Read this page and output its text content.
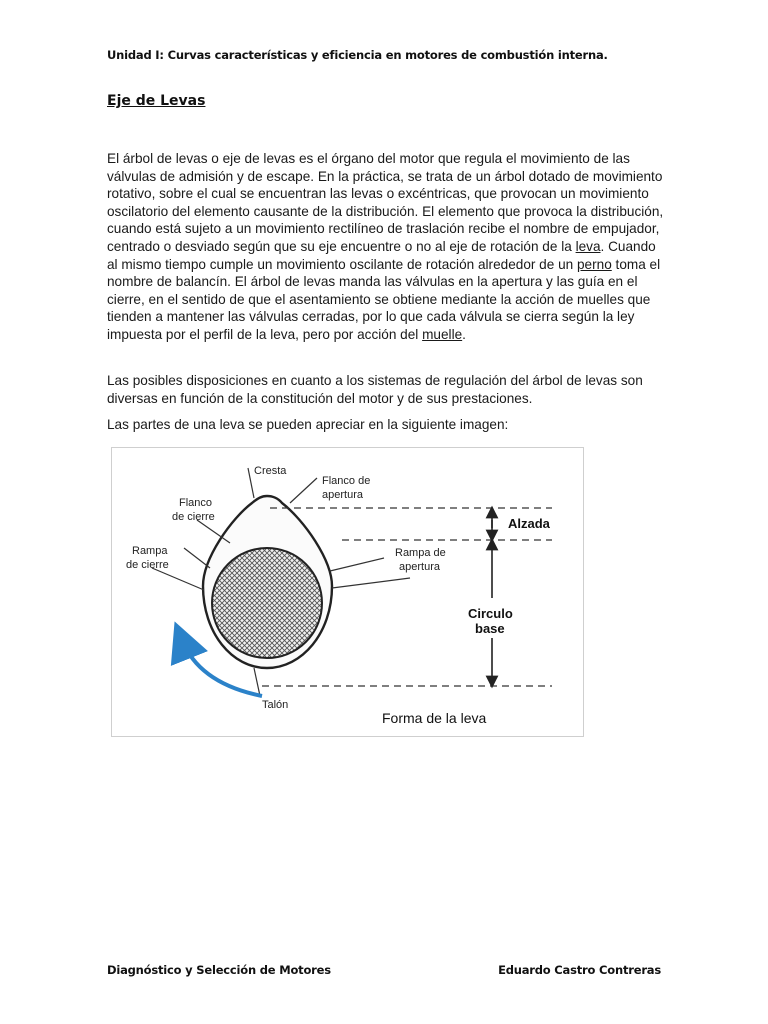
Unidad I: Curvas características y eficiencia en motores de combustión interna.
Eje de Levas
El árbol de levas o eje de levas es el órgano del motor que regula el movimiento de las válvulas de admisión y de escape. En la práctica, se trata de un árbol dotado de movimiento rotativo, sobre el cual se encuentran las levas o excéntricas, que provocan un movimiento oscilatorio del elemento causante de la distribución. El elemento que provoca la distribución, cuando está sujeto a un movimiento rectilíneo de traslación recibe el nombre de empujador, centrado o desviado según que su eje encuentre o no al eje de rotación de la leva. Cuando al mismo tiempo cumple un movimiento oscilante de rotación alrededor de un perno toma el nombre de balancín. El árbol de levas manda las válvulas en la apertura y las guía en el cierre, en el sentido de que el asentamiento se obtiene mediante la acción de muelles que tienden a mantener las válvulas cerradas, por lo que cada válvula se cierra según la ley impuesta por el perfil de la leva, pero por acción del muelle.
Las posibles disposiciones en cuanto a los sistemas de regulación del árbol de levas son diversas en función de la constitución del motor y de sus prestaciones.
Las partes de una leva se pueden apreciar en la siguiente imagen:
Cresta
Flanco de
apertura
Flanco
de cierre
Rampa
de cierre
Rampa de
apertura
Alzada
Circulo
base
Talón
Forma de la leva
Diagnóstico y Selección de Motores	Eduardo Castro Contreras
